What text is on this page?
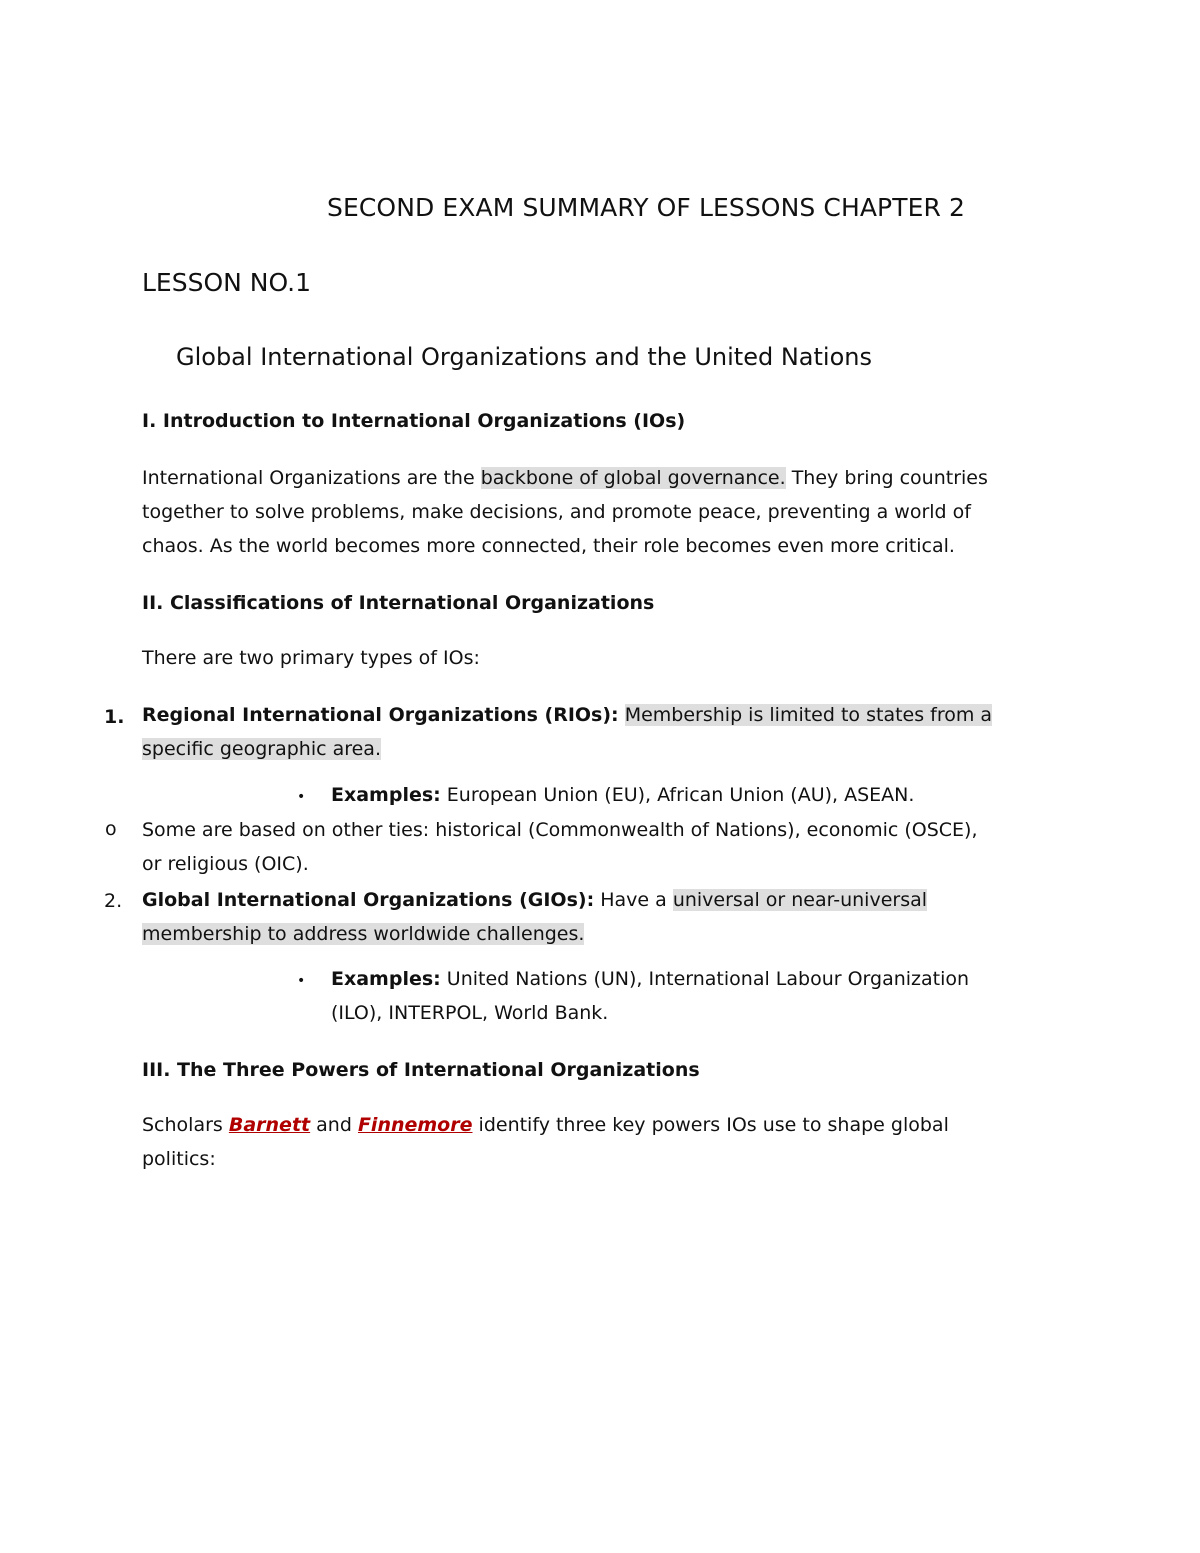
SECOND EXAM SUMMARY OF LESSONS CHAPTER 2
LESSON NO.1
Global International Organizations and the United Nations
I. Introduction to International Organizations (IOs)
International Organizations are the backbone of global governance. They bring countries
together to solve problems, make decisions, and promote peace, preventing a world of
chaos. As the world becomes more connected, their role becomes even more critical.
II. Classifications of International Organizations
There are two primary types of IOs:
1. Regional International Organizations (RIOs): Membership is limited to states from a
specific geographic area.
• Examples: European Union (EU), African Union (AU), ASEAN.
o Some are based on other ties: historical (Commonwealth of Nations), economic (OSCE),
or religious (OIC).
2. Global International Organizations (GIOs): Have a universal or near-universal
membership to address worldwide challenges.
• Examples: United Nations (UN), International Labour Organization
(ILO), INTERPOL, World Bank.
III. The Three Powers of International Organizations
Scholars Barnett and Finnemore identify three key powers IOs use to shape global
politics:
